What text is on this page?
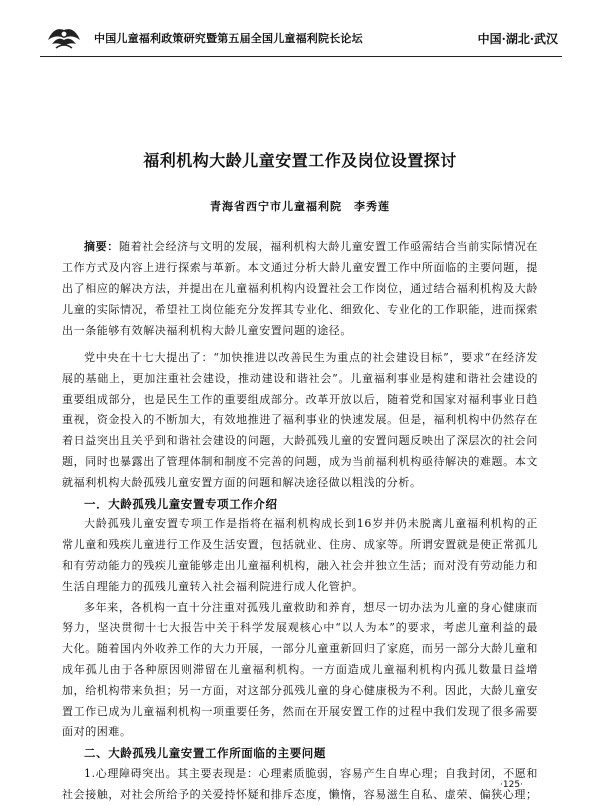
中国儿童福利政策研究暨第五届全国儿童福利院长论坛	中国·湖北·武汉
福利机构大龄儿童安置工作及岗位设置探讨
青海省西宁市儿童福利院　李秀莲
摘要：随着社会经济与文明的发展，福利机构大龄儿童安置工作亟需结合当前实际情况在工作方式及内容上进行探索与革新。本文通过分析大龄儿童安置工作中所面临的主要问题，提出了相应的解决方法，并提出在儿童福利机构内设置社会工作岗位，通过结合福利机构及大龄儿童的实际情况，希望社工岗位能充分发挥其专业化、细致化、专业化的工作职能，进而探索出一条能够有效解决福利机构大龄儿童安置问题的途径。

党中央在十七大提出了：“加快推进以改善民生为重点的社会建设目标”，要求“在经济发展的基础上，更加注重社会建设，推动建设和谐社会”。儿童福利事业是构建和谐社会建设的重要组成部分，也是民生工作的重要组成部分。改革开放以后，随着党和国家对福利事业日趋重视，资金投入的不断加大，有效地推进了福利事业的快速发展。但是，福利机构中仍然存在着日益突出且关乎到和谐社会建设的问题，大龄孤残儿童的安置问题反映出了深层次的社会问题，同时也暴露出了管理体制和制度不完善的问题，成为当前福利机构亟待解决的难题。本文就福利机构大龄孤残儿童安置方面的问题和解决途径做以粗浅的分析。

一．大龄孤残儿童安置专项工作介绍

大龄孤残儿童安置专项工作是指将在福利机构成长到16岁并仍未脱离儿童福利机构的正常儿童和残疾儿童进行工作及生活安置，包括就业、住房、成家等。所谓安置就是使正常孤儿和有劳动能力的残疾儿童能够走出儿童福利机构，融入社会并独立生活；而对没有劳动能力和生活自理能力的孤残儿童转入社会福利院进行成人化管护。

多年来，各机构一直十分注重对孤残儿童救助和养育，想尽一切办法为儿童的身心健康而努力，坚决贯彻十七大报告中关于科学发展观核心中“以人为本”的要求，考虑儿童利益的最大化。随着国内外收养工作的大力开展，一部分儿童重新回归了家庭，而另一部分大龄儿童和成年孤儿由于各种原因则滞留在儿童福利机构。一方面造成儿童福利机构内孤儿数量日益增加，给机构带来负担；另一方面，对这部分孤残儿童的身心健康极为不利。因此，大龄儿童安置工作已成为儿童福利机构一项重要任务，然而在开展安置工作的过程中我们发现了很多需要面对的困难。

二、大龄孤残儿童安置工作所面临的主要问题

1.心理障碍突出。其主要表现是：心理素质脆弱，容易产生自卑心理；自我封闭，不愿和社会接触，对社会所给予的关爱持怀疑和排斥态度，懒惰，容易滋生自私、虚荣、偏狭心理；

·125·
